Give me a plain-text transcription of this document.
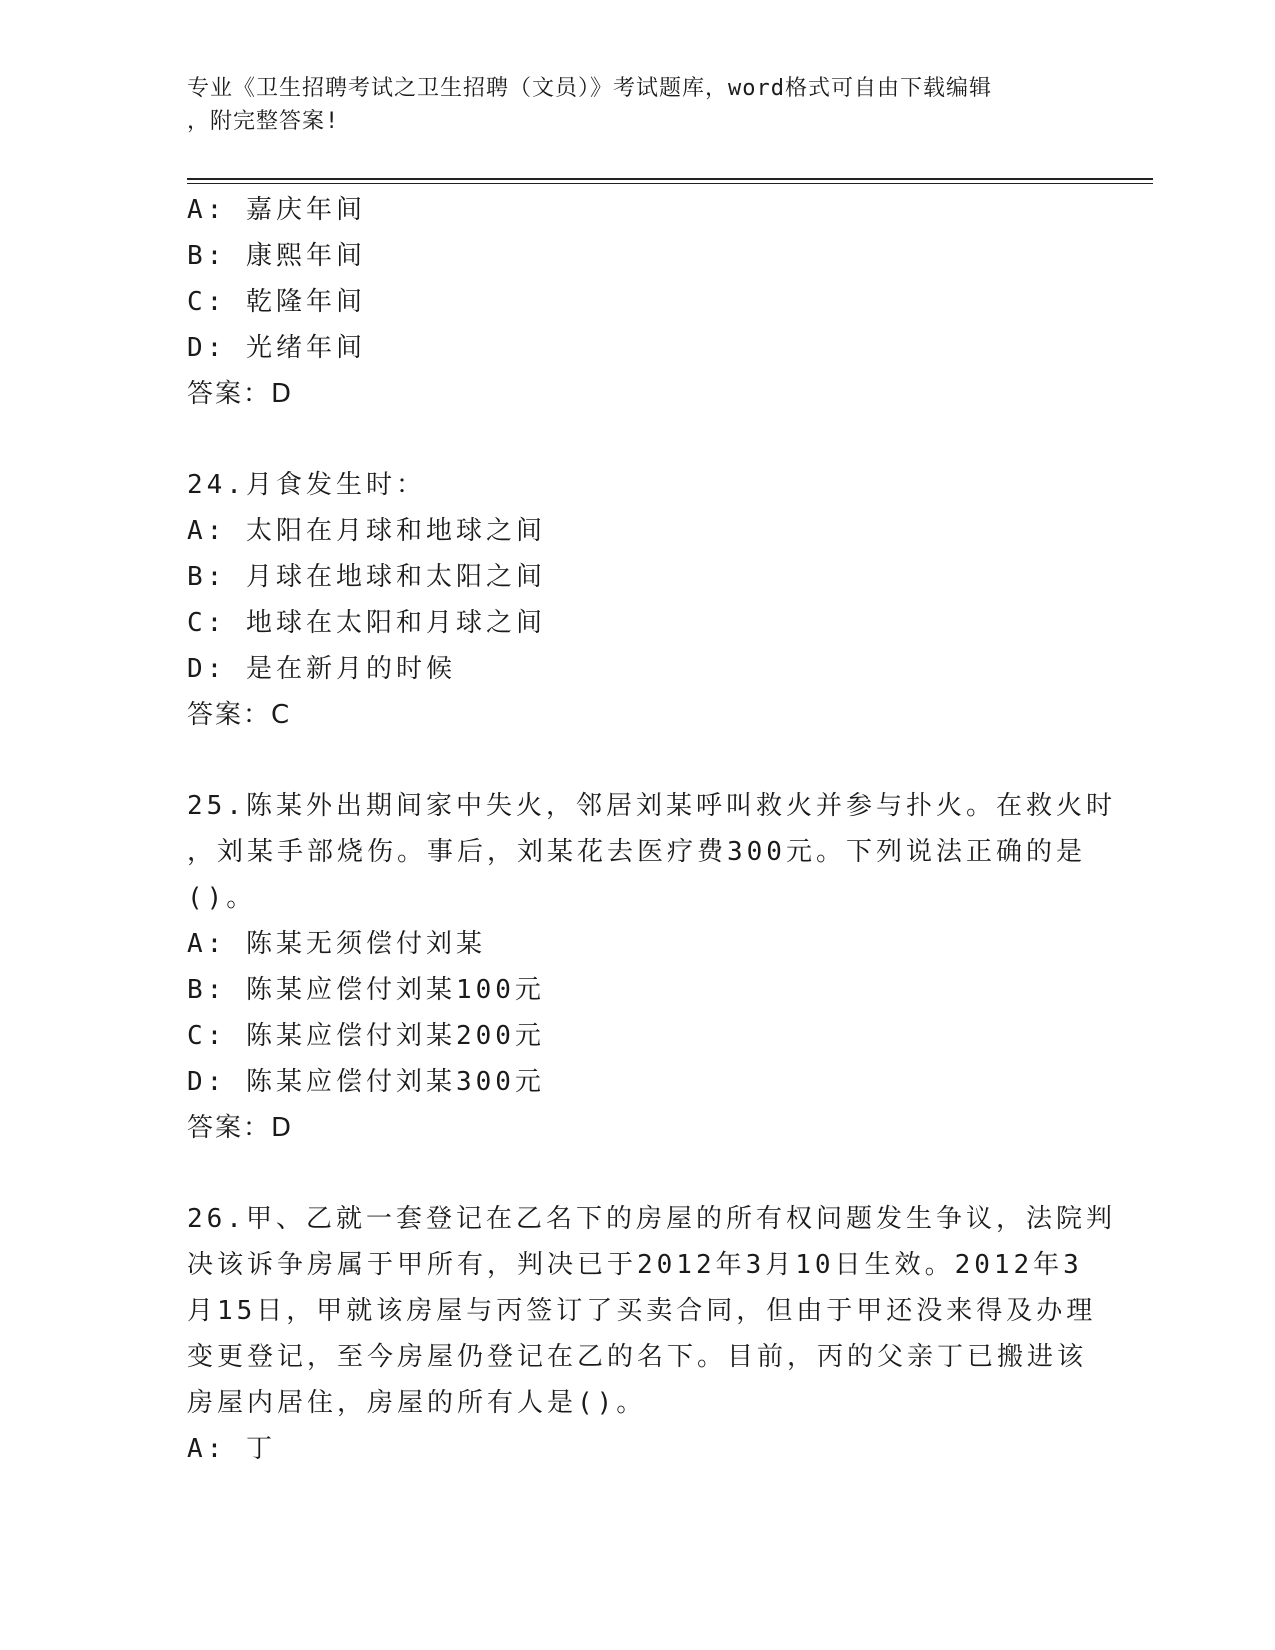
专业《卫生招聘考试之卫生招聘（文员）》考试题库，word格式可自由下载编辑
，附完整答案!
A: 嘉庆年间
B: 康熙年间
C: 乾隆年间
D: 光绪年间
答案：D
24.月食发生时：
A: 太阳在月球和地球之间
B: 月球在地球和太阳之间
C: 地球在太阳和月球之间
D: 是在新月的时候
答案：C
25.陈某外出期间家中失火，邻居刘某呼叫救火并参与扑火。在救火时
，刘某手部烧伤。事后，刘某花去医疗费300元。下列说法正确的是
()。
A: 陈某无须偿付刘某
B: 陈某应偿付刘某100元
C: 陈某应偿付刘某200元
D: 陈某应偿付刘某300元
答案：D
26.甲、乙就一套登记在乙名下的房屋的所有权问题发生争议，法院判
决该诉争房属于甲所有，判决已于2012年3月10日生效。2012年3
月15日，甲就该房屋与丙签订了买卖合同，但由于甲还没来得及办理
变更登记，至今房屋仍登记在乙的名下。目前，丙的父亲丁已搬进该
房屋内居住，房屋的所有人是()。
A: 丁
